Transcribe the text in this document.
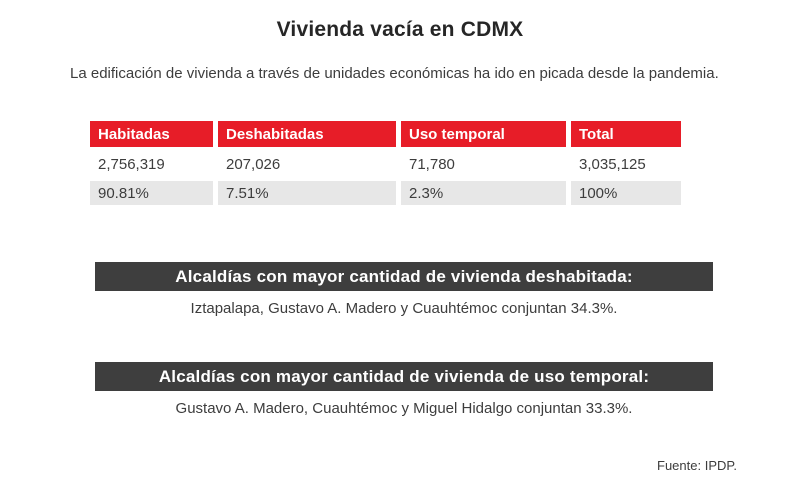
Vivienda vacía en CDMX
La edificación de vivienda a través de unidades económicas ha ido en picada desde la pandemia.
Habitadas	Deshabitadas	Uso temporal	Total
2,756,319	207,026	71,780	3,035,125
90.81%	7.51%	2.3%	100%
Alcaldías con mayor cantidad de vivienda deshabitada:
Iztapalapa, Gustavo A. Madero y Cuauhtémoc conjuntan 34.3%.
Alcaldías con mayor cantidad de vivienda de uso temporal:
Gustavo A. Madero, Cuauhtémoc y Miguel Hidalgo conjuntan 33.3%.
Fuente: IPDP.
